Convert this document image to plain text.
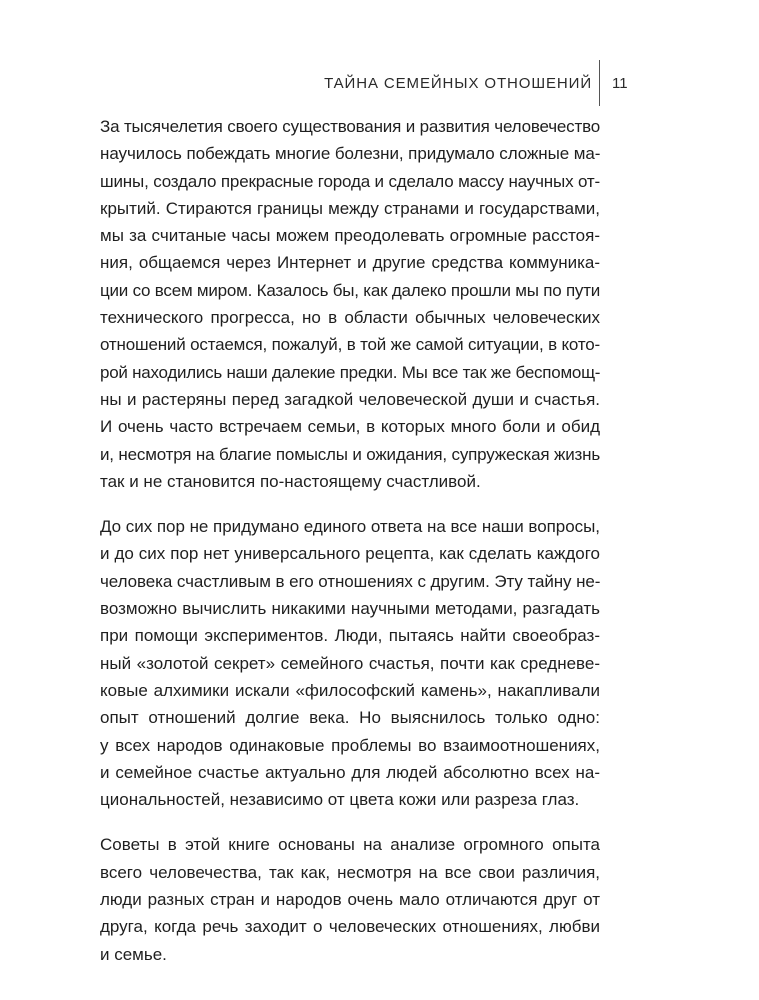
ТАЙНА СЕМЕЙНЫХ ОТНОШЕНИЙ 11

За тысячелетия своего существования и развития человечество
научилось побеждать многие болезни, придумало сложные ма-
шины, создало прекрасные города и сделало массу научных от-
крытий. Стираются границы между странами и государствами,
мы за считаные часы можем преодолевать огромные расстоя-
ния, общаемся через Интернет и другие средства коммуника-
ции со всем миром. Казалось бы, как далеко прошли мы по пути
технического прогресса, но в области обычных человеческих
отношений остаемся, пожалуй, в той же самой ситуации, в кото-
рой находились наши далекие предки. Мы все так же беспомощ-
ны и растеряны перед загадкой человеческой души и счастья.
И очень часто встречаем семьи, в которых много боли и обид
и, несмотря на благие помыслы и ожидания, супружеская жизнь
так и не становится по-настоящему счастливой.

До сих пор не придумано единого ответа на все наши вопросы,
и до сих пор нет универсального рецепта, как сделать каждого
человека счастливым в его отношениях с другим. Эту тайну не-
возможно вычислить никакими научными методами, разгадать
при помощи экспериментов. Люди, пытаясь найти своеобраз-
ный «золотой секрет» семейного счастья, почти как средневе-
ковые алхимики искали «философский камень», накапливали
опыт отношений долгие века. Но выяснилось только одно:
у всех народов одинаковые проблемы во взаимоотношениях,
и семейное счастье актуально для людей абсолютно всех на-
циональностей, независимо от цвета кожи или разреза глаз.

Советы в этой книге основаны на анализе огромного опыта
всего человечества, так как, несмотря на все свои различия,
люди разных стран и народов очень мало отличаются друг от
друга, когда речь заходит о человеческих отношениях, любви
и семье.
